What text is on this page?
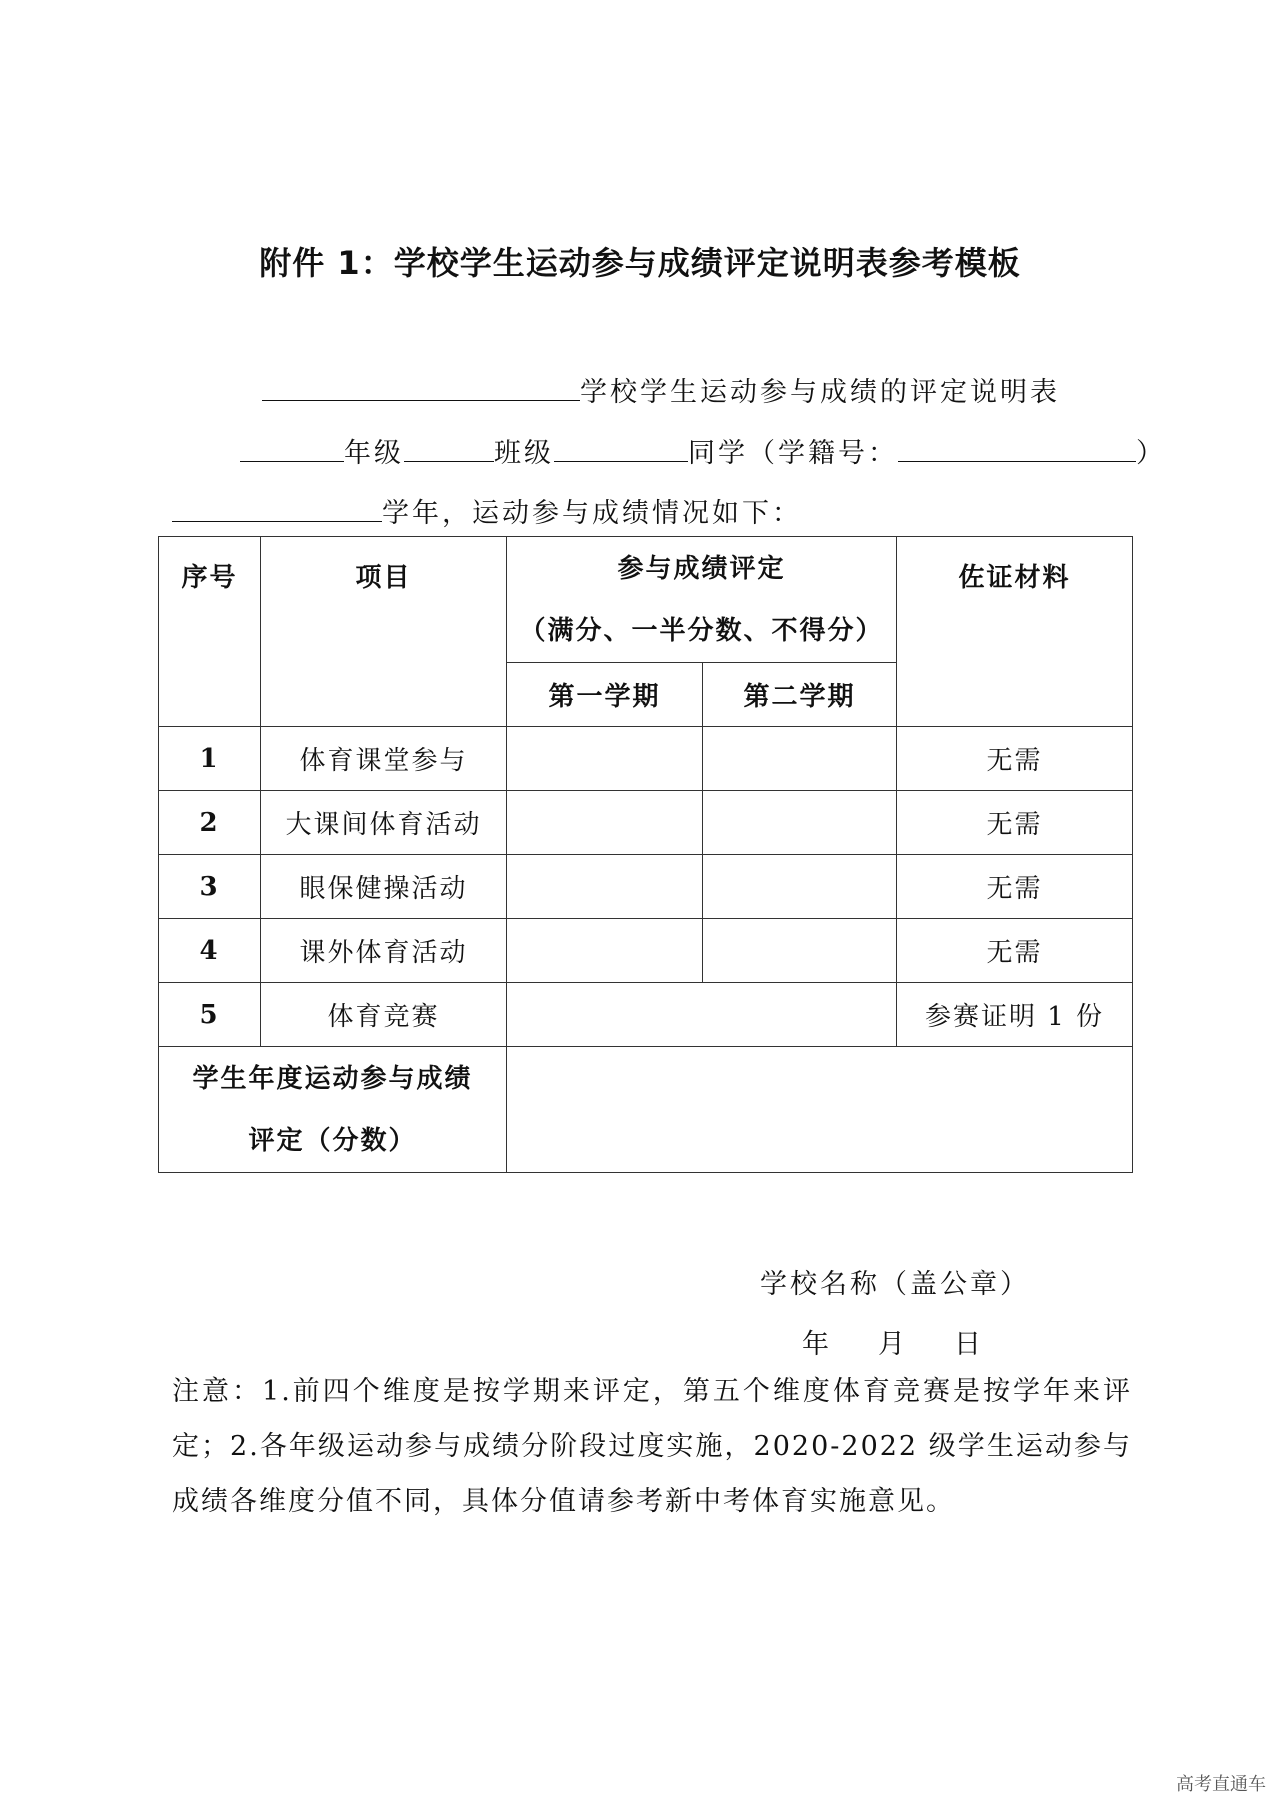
附件 1：学校学生运动参与成绩评定说明表参考模板
学校学生运动参与成绩的评定说明表
年级	班级	同学（学籍号：	）
学年，运动参与成绩情况如下：
序号	项目	参与成绩评定
（满分、一半分数、不得分）		佐证材料
		第一学期	第二学期	
1	体育课堂参与			无需
2	大课间体育活动			无需
3	眼保健操活动			无需
4	课外体育活动			无需
5	体育竞赛			参赛证明 1 份

学生年度运动参与成绩
评定（分数）				

学校名称（盖公章）
年 月 日
注意：1.前四个维度是按学期来评定，第五个维度体育竞赛是按学年来评定；2.各年级运动参与成绩分阶段过度实施，2020-2022 级学生运动参与成绩各维度分值不同，具体分值请参考新中考体育实施意见。
高考直通车
